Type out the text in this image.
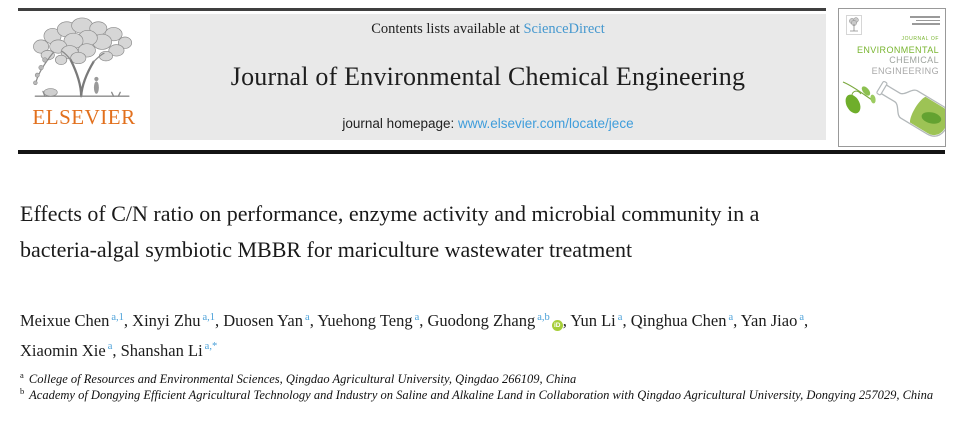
ELSEVIER
Contents lists available at ScienceDirect
Journal of Environmental Chemical Engineering
journal homepage: www.elsevier.com/locate/jece
JOURNAL OF
ENVIRONMENTAL
CHEMICAL
ENGINEERING
Effects of C/N ratio on performance, enzyme activity and microbial community in a bacteria-algal symbiotic MBBR for mariculture wastewater treatment
Meixue Chen $^{a,1}$, Xinyi Zhu $^{a,1}$, Duosen Yan $^a$, Yuehong Teng $^a$, Guodong Zhang $^{a,b}$iD , Yun Li $^a$, Qinghua Chen $^a$, Yan Jiao $^a$, Xiaomin Xie $^a$, Shanshan Li $^{a,*}$
$^a$ College of Resources and Environmental Sciences, Qingdao Agricultural University, Qingdao 266109, China
$^b$ Academy of Dongying Efficient Agricultural Technology and Industry on Saline and Alkaline Land in Collaboration with Qingdao Agricultural University, Dongying 257029, China
